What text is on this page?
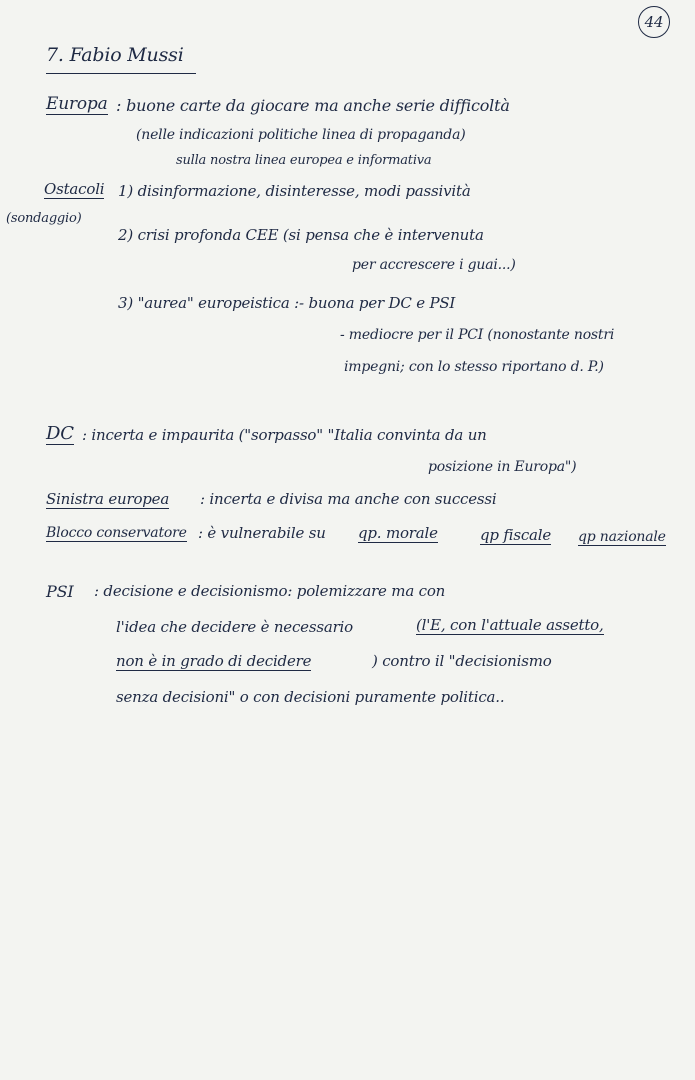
44
7. Fabio Mussi
Europa : buone carte da giocare ma anche serie difficoltà
(nelle indicazioni politiche linea di propaganda)
sulla nostra linea europea e informativa
Ostacoli
(sondaggio)
1) disinformazione, disinteresse, modi passività
2) crisi profonda CEE (si pensa che è intervenuta
per accrescere i guai...)
3) "aurea" europeistica :- buona per DC e PSI
- mediocre per il PCI (nonostante nostri
impegni; con lo stesso riportano d. P.)
DC : incerta e impaurita ("sorpasso" "Italia convinta da un
posizione in Europa")
Sinistra europea : incerta e divisa ma anche con successi
Blocco conservatore : è vulnerabile su qp. morale	qp fiscale qp nazionale
PSI : decisione e decisionismo: polemizzare ma con
l'idea che decidere è necessario	(l'E, con l'attuale assetto,
non è in grado di decidere	) contro il "decisionismo
senza decisioni" o con decisioni puramente politica..
